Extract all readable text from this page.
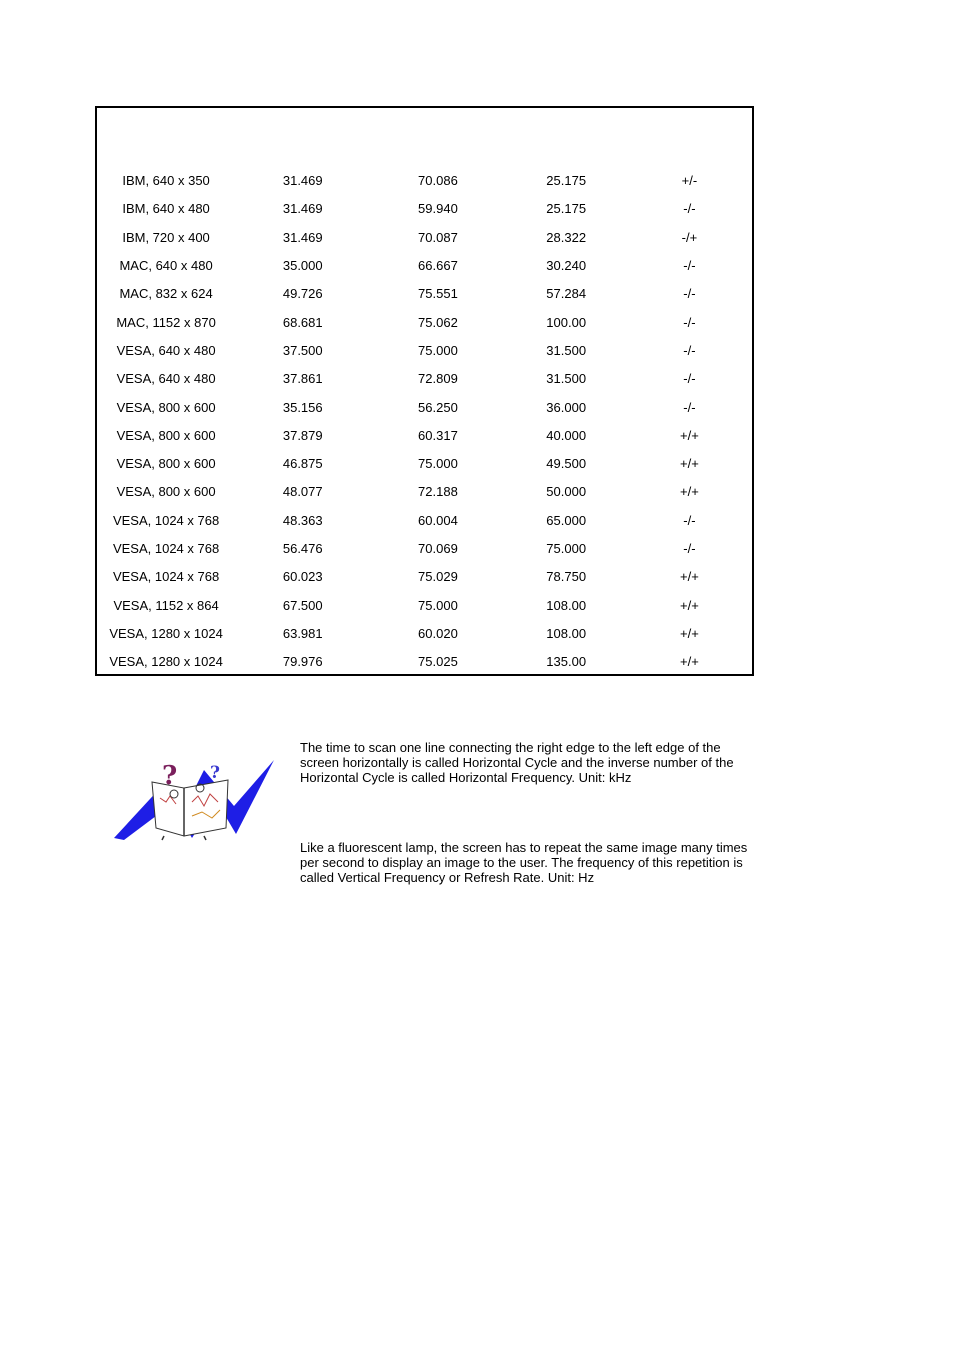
IBM, 640 x 350	31.469	70.086	25.175	+/-
IBM, 640 x 480	31.469	59.940	25.175	-/-
IBM, 720 x 400	31.469	70.087	28.322	-/+
MAC, 640 x 480	35.000	66.667	30.240	-/-
MAC, 832 x 624	49.726	75.551	57.284	-/-
MAC, 1152 x 870	68.681	75.062	100.00	-/-
VESA, 640 x 480	37.500	75.000	31.500	-/-
VESA, 640 x 480	37.861	72.809	31.500	-/-
VESA, 800 x 600	35.156	56.250	36.000	-/-
VESA, 800 x 600	37.879	60.317	40.000	+/+
VESA, 800 x 600	46.875	75.000	49.500	+/+
VESA, 800 x 600	48.077	72.188	50.000	+/+
VESA, 1024 x 768	48.363	60.004	65.000	-/-
VESA, 1024 x 768	56.476	70.069	75.000	-/-
VESA, 1024 x 768	60.023	75.029	78.750	+/+
VESA, 1152 x 864	67.500	75.000	108.00	+/+
VESA, 1280 x 1024	63.981	60.020	108.00	+/+
VESA, 1280 x 1024	79.976	75.025	135.00	+/+
? ?

The time to scan one line connecting the right edge to the left edge of the screen horizontally is called Horizontal Cycle and the inverse number of the Horizontal Cycle is called Horizontal Frequency. Unit: kHz

Like a fluorescent lamp, the screen has to repeat the same image many times per second to display an image to the user. The frequency of this repetition is called Vertical Frequency or Refresh Rate. Unit: Hz
